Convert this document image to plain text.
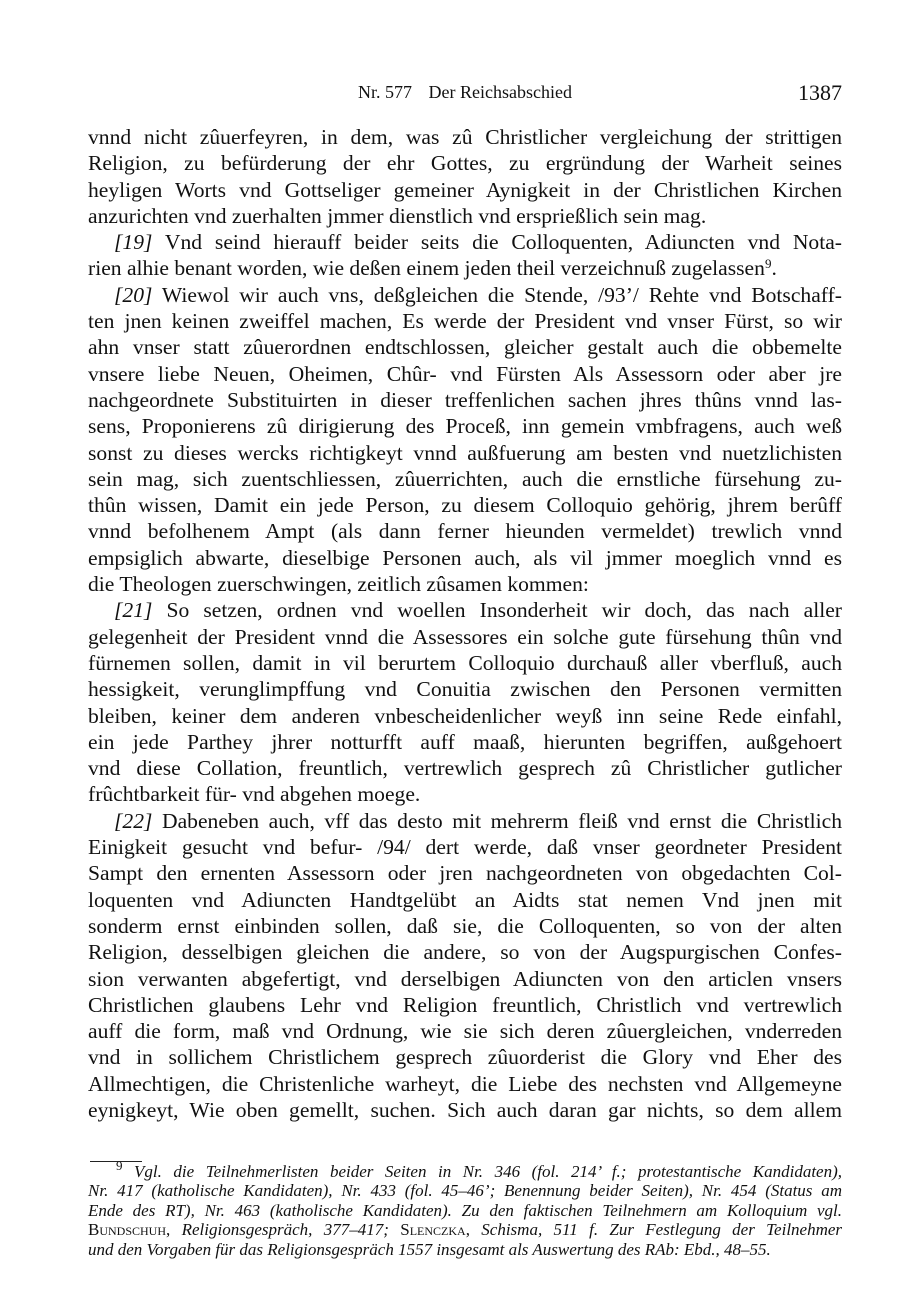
Nr. 577 Der Reichsabschied	1387
vnnd nicht zûuerfeyren, in dem, was zû Christlicher vergleichung der strittigen
Religion, zu befürderung der ehr Gottes, zu ergründung der Warheit seines
heyligen Worts vnd Gottseliger gemeiner Aynigkeit in der Christlichen Kirchen
anzurichten vnd zuerhalten jmmer dienstlich vnd ersprießlich sein mag.
[19] Vnd seind hierauff beider seits die Colloquenten, Adiuncten vnd Nota-
rien alhie benant worden, wie deßen einem jeden theil verzeichnuß zugelassen$^9$.
[20] Wiewol wir auch vns, deßgleichen die Stende, /93’/ Rehte vnd Botschaff-
ten jnen keinen zweiffel machen, Es werde der President vnd vnser Fürst, so wir
ahn vnser statt zûuerordnen endtschlossen, gleicher gestalt auch die obbemelte
vnsere liebe Neuen, Oheimen, Chûr- vnd Fürsten Als Assessorn oder aber jre
nachgeordnete Substituirten in dieser treffenlichen sachen jhres thûns vnnd las-
sens, Proponierens zû dirigierung des Proceß, inn gemein vmbfragens, auch weß
sonst zu dieses wercks richtigkeyt vnnd außfuerung am besten vnd nuetzlichisten
sein mag, sich zuentschliessen, zûuerrichten, auch die ernstliche fürsehung zu-
thûn wissen, Damit ein jede Person, zu diesem Colloquio gehörig, jhrem berûff
vnnd befolhenem Ampt (als dann ferner hieunden vermeldet) trewlich vnnd
empsiglich abwarte, dieselbige Personen auch, als vil jmmer moeglich vnnd es
die Theologen zuerschwingen, zeitlich zûsamen kommen:
[21] So setzen, ordnen vnd woellen Insonderheit wir doch, das nach aller
gelegenheit der President vnnd die Assessores ein solche gute fürsehung thûn vnd
fürnemen sollen, damit in vil berurtem Colloquio durchauß aller vberfluß, auch
hessigkeit, verunglimpffung vnd Conuitia zwischen den Personen vermitten
bleiben, keiner dem anderen vnbescheidenlicher weyß inn seine Rede einfahl,
ein jede Parthey jhrer notturfft auff maaß, hierunten begriffen, außgehoert
vnd diese Collation, freuntlich, vertrewlich gesprech zû Christlicher gutlicher
frûchtbarkeit für- vnd abgehen moege.
[22] Dabeneben auch, vff das desto mit mehrerm fleiß vnd ernst die Christlich
Einigkeit gesucht vnd befur- /94/ dert werde, daß vnser geordneter President
Sampt den ernenten Assessorn oder jren nachgeordneten von obgedachten Col-
loquenten vnd Adiuncten Handtgelübt an Aidts stat nemen Vnd jnen mit
sonderm ernst einbinden sollen, daß sie, die Colloquenten, so von der alten
Religion, desselbigen gleichen die andere, so von der Augspurgischen Confes-
sion verwanten abgefertigt, vnd derselbigen Adiuncten von den articlen vnsers
Christlichen glaubens Lehr vnd Religion freuntlich, Christlich vnd vertrewlich
auff die form, maß vnd Ordnung, wie sie sich deren zûuergleichen, vnderreden
vnd in sollichem Christlichem gesprech zûuorderist die Glory vnd Eher des
Allmechtigen, die Christenliche warheyt, die Liebe des nechsten vnd Allgemeyne
eynigkeyt, Wie oben gemellt, suchen. Sich auch daran gar nichts, so dem allem
$^9$ Vgl. die Teilnehmerlisten beider Seiten in Nr. 346 (fol. 214’ f.; protestantische Kandidaten),
Nr. 417 (katholische Kandidaten), Nr. 433 (fol. 45–46’; Benennung beider Seiten), Nr. 454 (Status am
Ende des RT), Nr. 463 (katholische Kandidaten). Zu den faktischen Teilnehmern am Kolloquium vgl.
Bundschuh, Religionsgespräch, 377–417; Slenczka, Schisma, 511 f. Zur Festlegung der Teilnehmer
und den Vorgaben für das Religionsgespräch 1557 insgesamt als Auswertung des RAb: Ebd., 48–55.
